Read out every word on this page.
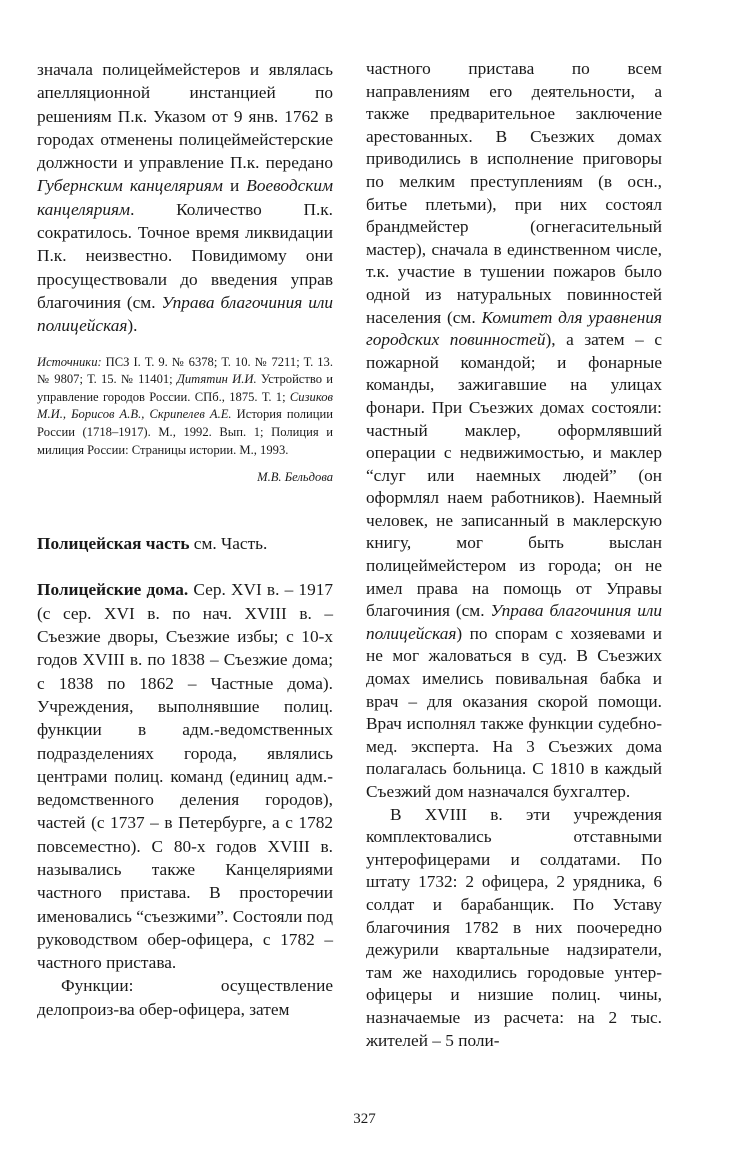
значала полицеймейстеров и являлась апелляционной инстанцией по решениям П.к. Указом от 9 янв. 1762 в городах отменены полицеймейстерские должности и управление П.к. передано Губернским канцеляриям и Воеводским канцеляриям. Количество П.к. сократилось. Точное время ликвидации П.к. неизвестно. Повидимому они просуществовали до введения управ благочиния (см. Управа благочиния или полицейская).

Источники: ПСЗ I. Т. 9. № 6378; Т. 10. № 7211; Т. 13. № 9807; Т. 15. № 11401; Дитятин И.И. Устройство и управление городов России. СПб., 1875. Т. 1; Сизиков М.И., Борисов А.В., Скрипелев А.Е. История полиции России (1718–1917). М., 1992. Вып. 1; Полиция и милиция России: Страницы истории. М., 1993.

М.В. Бельдова

Полицейская часть см. Часть.

Полицейские дома. Сер. XVI в. – 1917 (с сер. XVI в. по нач. XVIII в. – Съезжие дворы, Съезжие избы; с 10-х годов XVIII в. по 1838 – Съезжие дома; с 1838 по 1862 – Частные дома). Учреждения, выполнявшие полиц. функции в адм.-ведомственных подразделениях города, являлись центрами полиц. команд (единиц адм.-ведомственного деления городов), частей (с 1737 – в Петербурге, а с 1782 повсеместно). С 80-х годов XVIII в. назывались также Канцеляриями частного пристава. В просторечии именовались “съезжими”. Состояли под руководством обер-офицера, с 1782 – частного пристава.

Функции: осуществление делопроиз-ва обер-офицера, затем

частного пристава по всем направлениям его деятельности, а также предварительное заключение арестованных. В Съезжих домах приводились в исполнение приговоры по мелким преступлениям (в осн., битье плетьми), при них состоял брандмейстер (огнегасительный мастер), сначала в единственном числе, т.к. участие в тушении пожаров было одной из натуральных повинностей населения (см. Комитет для уравнения городских повинностей), а затем – с пожарной командой; и фонарные команды, зажигавшие на улицах фонари. При Съезжих домах состояли: частный маклер, оформлявший операции с недвижимостью, и маклер “слуг или наемных людей” (он оформлял наем работников). Наемный человек, не записанный в маклерскую книгу, мог быть выслан полицеймейстером из города; он не имел права на помощь от Управы благочиния (см. Управа благочиния или полицейская) по спорам с хозяевами и не мог жаловаться в суд. В Съезжих домах имелись повивальная бабка и врач – для оказания скорой помощи. Врач исполнял также функции судебно-мед. эксперта. На 3 Съезжих дома полагалась больница. С 1810 в каждый Съезжий дом назначался бухгалтер.

В XVIII в. эти учреждения комплектовались отставными унтерофицерами и солдатами. По штату 1732: 2 офицера, 2 урядника, 6 солдат и барабанщик. По Уставу благочиния 1782 в них поочередно дежурили квартальные надзиратели, там же находились городовые унтер-офицеры и низшие полиц. чины, назначаемые из расчета: на 2 тыс. жителей – 5 поли-

327
